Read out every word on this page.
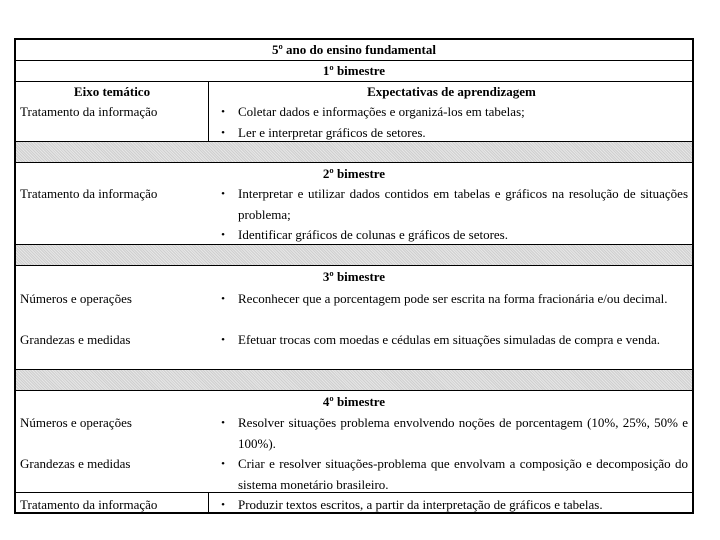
5º ano do ensino fundamental
1º bimestre
Eixo temático	Expectativas de aprendizagem
Tratamento da informação	•	Coletar dados e informações e organizá-los em tabelas;
•	Ler e interpretar gráficos de setores.
2º bimestre
Tratamento da informação	•	Interpretar e utilizar dados contidos em tabelas e gráficos na resolução de situações problema;
•	Identificar gráficos de colunas e gráficos de setores.
3º bimestre
Números e operações	•	Reconhecer que a porcentagem pode ser escrita na forma fracionária e/ou decimal.
Grandezas e medidas	•	Efetuar trocas com moedas e cédulas em situações simuladas de compra e venda.
4º bimestre
Números e operações	•	Resolver situações problema envolvendo noções de porcentagem (10%, 25%, 50% e 100%).
Grandezas e medidas	•	Criar e resolver situações-problema que envolvam a composição e decomposição do sistema monetário brasileiro.
Tratamento da informação	•	Produzir textos escritos, a partir da interpretação de gráficos e tabelas.
